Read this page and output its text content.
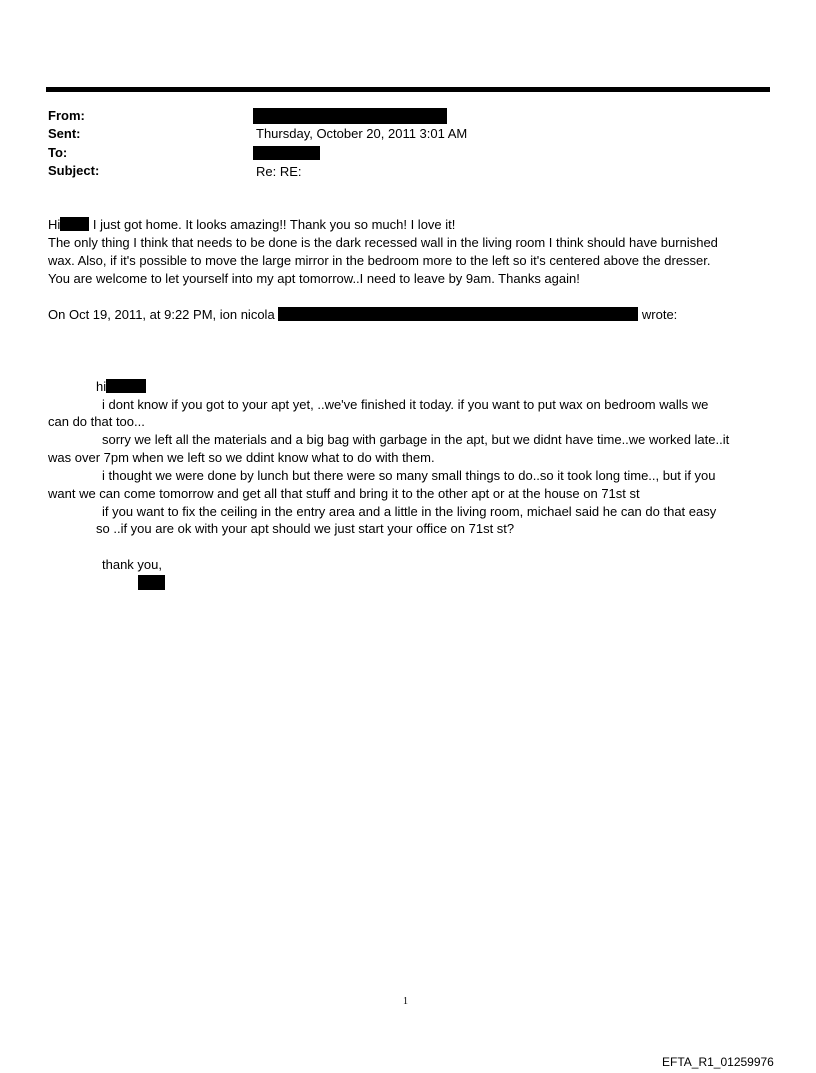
From:
Sent:	Thursday, October 20, 2011 3:01 AM
To:
Subject:	Re: RE:
Hi I just got home. It looks amazing!! Thank you so much! I love it!
The only thing I think that needs to be done is the dark recessed wall in the living room I think should have burnished
wax. Also, if it's possible to move the large mirror in the bedroom more to the left so it's centered above the dresser.
You are welcome to let yourself into my apt tomorrow..I need to leave by 9am. Thanks again!
On Oct 19, 2011, at 9:22 PM, ion nicola	wrote:
hi
i dont know if you got to your apt yet, ..we've finished it today. if you want to put wax on bedroom walls we
can do that too...
sorry we left all the materials and a big bag with garbage in the apt, but we didnt have time..we worked late..it
was over 7pm when we left so we ddint know what to do with them.
i thought we were done by lunch but there were so many small things to do..so it took long time.., but if you
want we can come tomorrow and get all that stuff and bring it to the other apt or at the house on 71st st
if you want to fix the ceiling in the entry area and a little in the living room, michael said he can do that easy
so ..if you are ok with your apt should we just start your office on 71st st?
thank you,
1
EFTA_R1_01259976
